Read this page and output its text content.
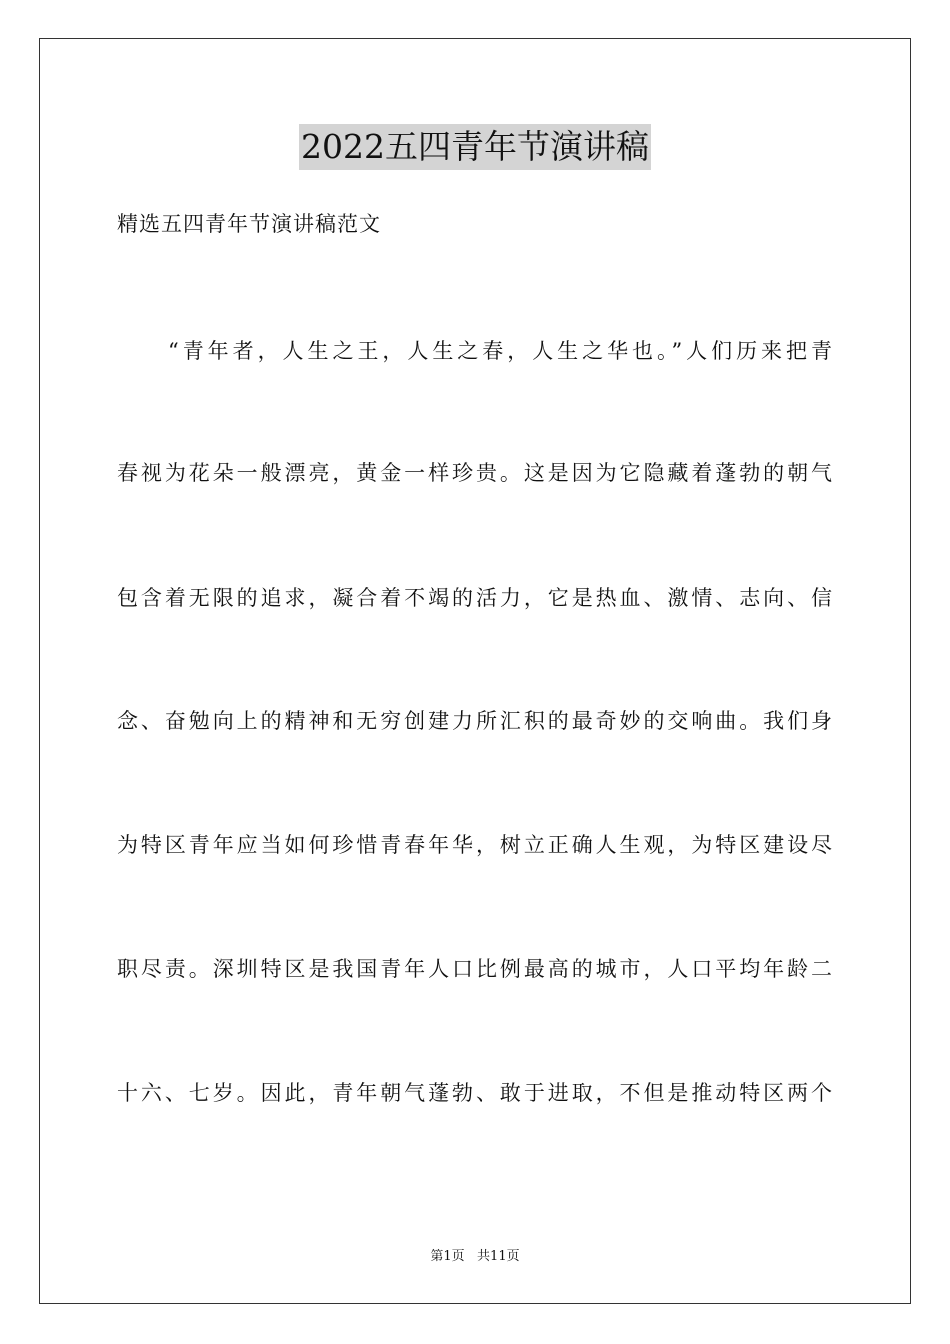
2022五四青年节演讲稿
精选五四青年节演讲稿范文
“青年者，人生之王，人生之春，人生之华也。”人们历来把青
春视为花朵一般漂亮，黄金一样珍贵。这是因为它隐藏着蓬勃的朝气
包含着无限的追求，凝合着不竭的活力，它是热血、激情、志向、信
念、奋勉向上的精神和无穷创建力所汇积的最奇妙的交响曲。我们身
为特区青年应当如何珍惜青春年华，树立正确人生观，为特区建设尽
职尽责。深圳特区是我国青年人口比例最高的城市，人口平均年龄二
十六、七岁。因此，青年朝气蓬勃、敢于进取，不但是推动特区两个
第1页   共11页
